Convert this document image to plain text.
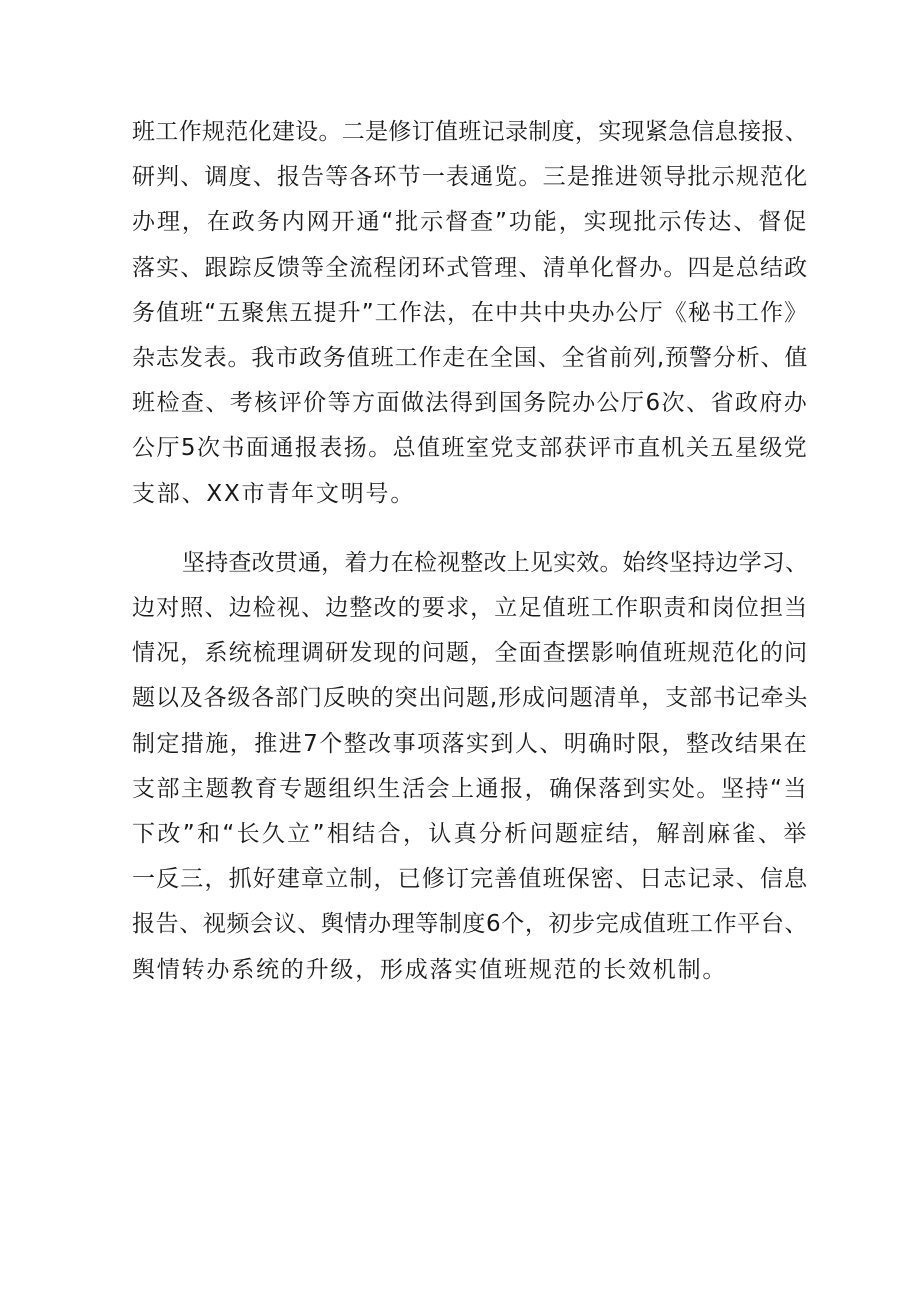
班工作规范化建设。二是修订值班记录制度，实现紧急信息接报、
研判、调度、报告等各环节一表通览。三是推进领导批示规范化
办理，在政务内网开通“批示督查”功能，实现批示传达、督促
落实、跟踪反馈等全流程闭环式管理、清单化督办。四是总结政
务值班“五聚焦五提升”工作法，在中共中央办公厅《秘书工作》
杂志发表。我市政务值班工作走在全国、全省前列,预警分析、值
班检查、考核评价等方面做法得到国务院办公厅6次、省政府办
公厅5次书面通报表扬。总值班室党支部获评市直机关五星级党
支部、XX市青年文明号。

坚持查改贯通，着力在检视整改上见实效。始终坚持边学习、
边对照、边检视、边整改的要求，立足值班工作职责和岗位担当
情况，系统梳理调研发现的问题，全面查摆影响值班规范化的问
题以及各级各部门反映的突出问题,形成问题清单，支部书记牵头
制定措施，推进7个整改事项落实到人、明确时限，整改结果在
支部主题教育专题组织生活会上通报，确保落到实处。坚持“当
下改”和“长久立”相结合，认真分析问题症结，解剖麻雀、举
一反三，抓好建章立制，已修订完善值班保密、日志记录、信息
报告、视频会议、舆情办理等制度6个，初步完成值班工作平台、
舆情转办系统的升级，形成落实值班规范的长效机制。
